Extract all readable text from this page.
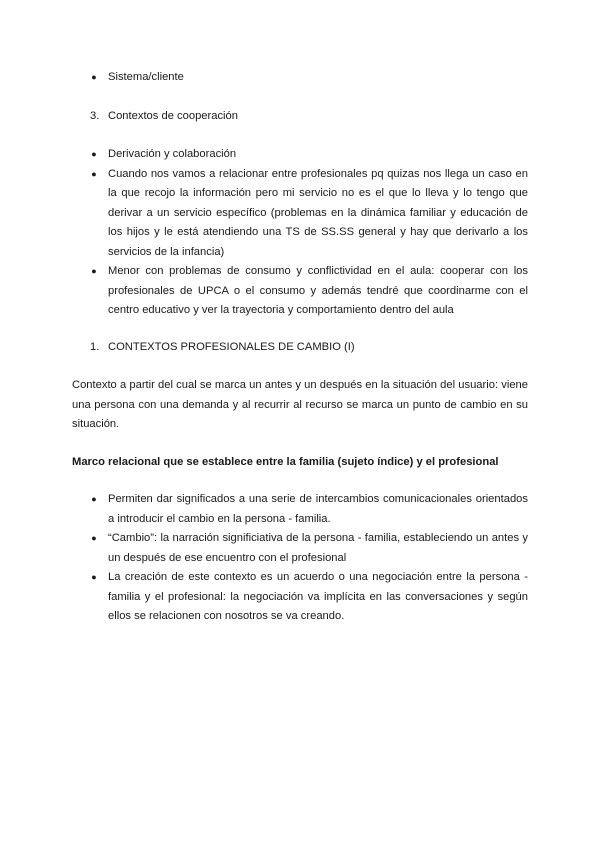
● Sistema/cliente
3. Contextos de cooperación
● Derivación y colaboración
● Cuando nos vamos a relacionar entre profesionales pq quizas nos llega un caso en la que recojo la información pero mi servicio no es el que lo lleva y lo tengo que derivar a un servicio específico (problemas en la dinámica familiar y educación de los hijos y le está atendiendo una TS de SS.SS general y hay que derivarlo a los servicios de la infancia)
● Menor con problemas de consumo y conflictividad en el aula: cooperar con los profesionales de UPCA o el consumo y además tendré que coordinarme con el centro educativo y ver la trayectoria y comportamiento dentro del aula
1. CONTEXTOS PROFESIONALES DE CAMBIO (I)
Contexto a partir del cual se marca un antes y un después en la situación del usuario: viene una persona con una demanda y al recurrir al recurso se marca un punto de cambio en su situación.
Marco relacional que se establece entre la familia (sujeto índice) y el profesional
● Permiten dar significados a una serie de intercambios comunicacionales orientados a introducir el cambio en la persona - familia.
● “Cambio”: la narración significiativa de la persona - familia, estableciendo un antes y un después de ese encuentro con el profesional
● La creación de este contexto es un acuerdo o una negociación entre la persona - familia y el profesional: la negociación va implícita en las conversaciones y según ellos se relacionen con nosotros se va creando.
